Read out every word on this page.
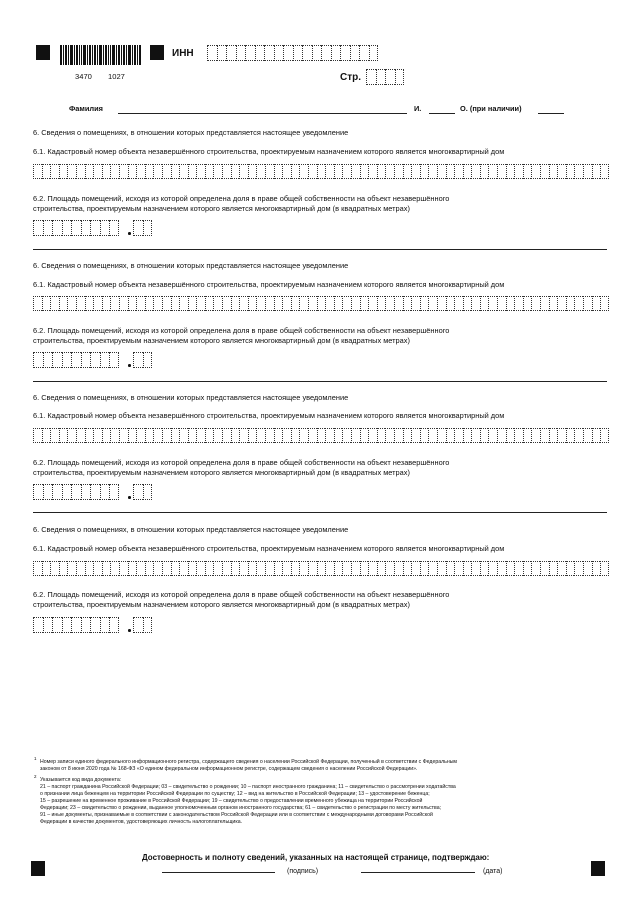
3470 1027
ИНН
Стр.
Фамилия	И.	О. (при наличии)
6. Сведения о помещениях, в отношении которых представляется настоящее уведомление
6.1. Кадастровый номер объекта незавершённого строительства, проектируемым назначением которого является многоквартирный дом
6.2. Площадь помещений, исходя из которой определена доля в праве общей собственности на объект незавершённого
строительства, проектируемым назначением которого является многоквартирный дом (в квадратных метрах)
6. Сведения о помещениях, в отношении которых представляется настоящее уведомление
6.1. Кадастровый номер объекта незавершённого строительства, проектируемым назначением которого является многоквартирный дом
6.2. Площадь помещений, исходя из которой определена доля в праве общей собственности на объект незавершённого
строительства, проектируемым назначением которого является многоквартирный дом (в квадратных метрах)
6. Сведения о помещениях, в отношении которых представляется настоящее уведомление
6.1. Кадастровый номер объекта незавершённого строительства, проектируемым назначением которого является многоквартирный дом
6.2. Площадь помещений, исходя из которой определена доля в праве общей собственности на объект незавершённого
строительства, проектируемым назначением которого является многоквартирный дом (в квадратных метрах)
6. Сведения о помещениях, в отношении которых представляется настоящее уведомление
6.1. Кадастровый номер объекта незавершённого строительства, проектируемым назначением которого является многоквартирный дом
6.2. Площадь помещений, исходя из которой определена доля в праве общей собственности на объект незавершённого
строительства, проектируемым назначением которого является многоквартирный дом (в квадратных метрах)
1
Номер записи единого федерального информационного регистра, содержащего сведения о населении Российской Федерации, полученный в соответствии с Федеральным
законом от 8 июня 2020 года № 168-ФЗ «О едином федеральном информационном регистре, содержащем сведения о населении Российской Федерации».
2
Указывается код вида документа:
21 – паспорт гражданина Российской Федерации; 03 – свидетельство о рождении; 10 – паспорт иностранного гражданина; 11 – свидетельство о рассмотрении ходатайства
о признании лица беженцем на территории Российской Федерации по существу; 12 – вид на жительство в Российской Федерации; 13 – удостоверение беженца;
15 – разрешение на временное проживание в Российской Федерации; 19 – свидетельство о предоставлении временного убежища на территории Российской
Федерации; 23 – свидетельство о рождении, выданное уполномоченным органом иностранного государства; 61 – свидетельство о регистрации по месту жительства;
91 – иные документы, признаваемые в соответствии с законодательством Российской Федерации или в соответствии с международными договорами Российской
Федерации в качестве документов, удостоверяющих личность налогоплательщика.
Достоверность и полноту сведений, указанных на настоящей странице, подтверждаю:
(подпись)	(дата)
